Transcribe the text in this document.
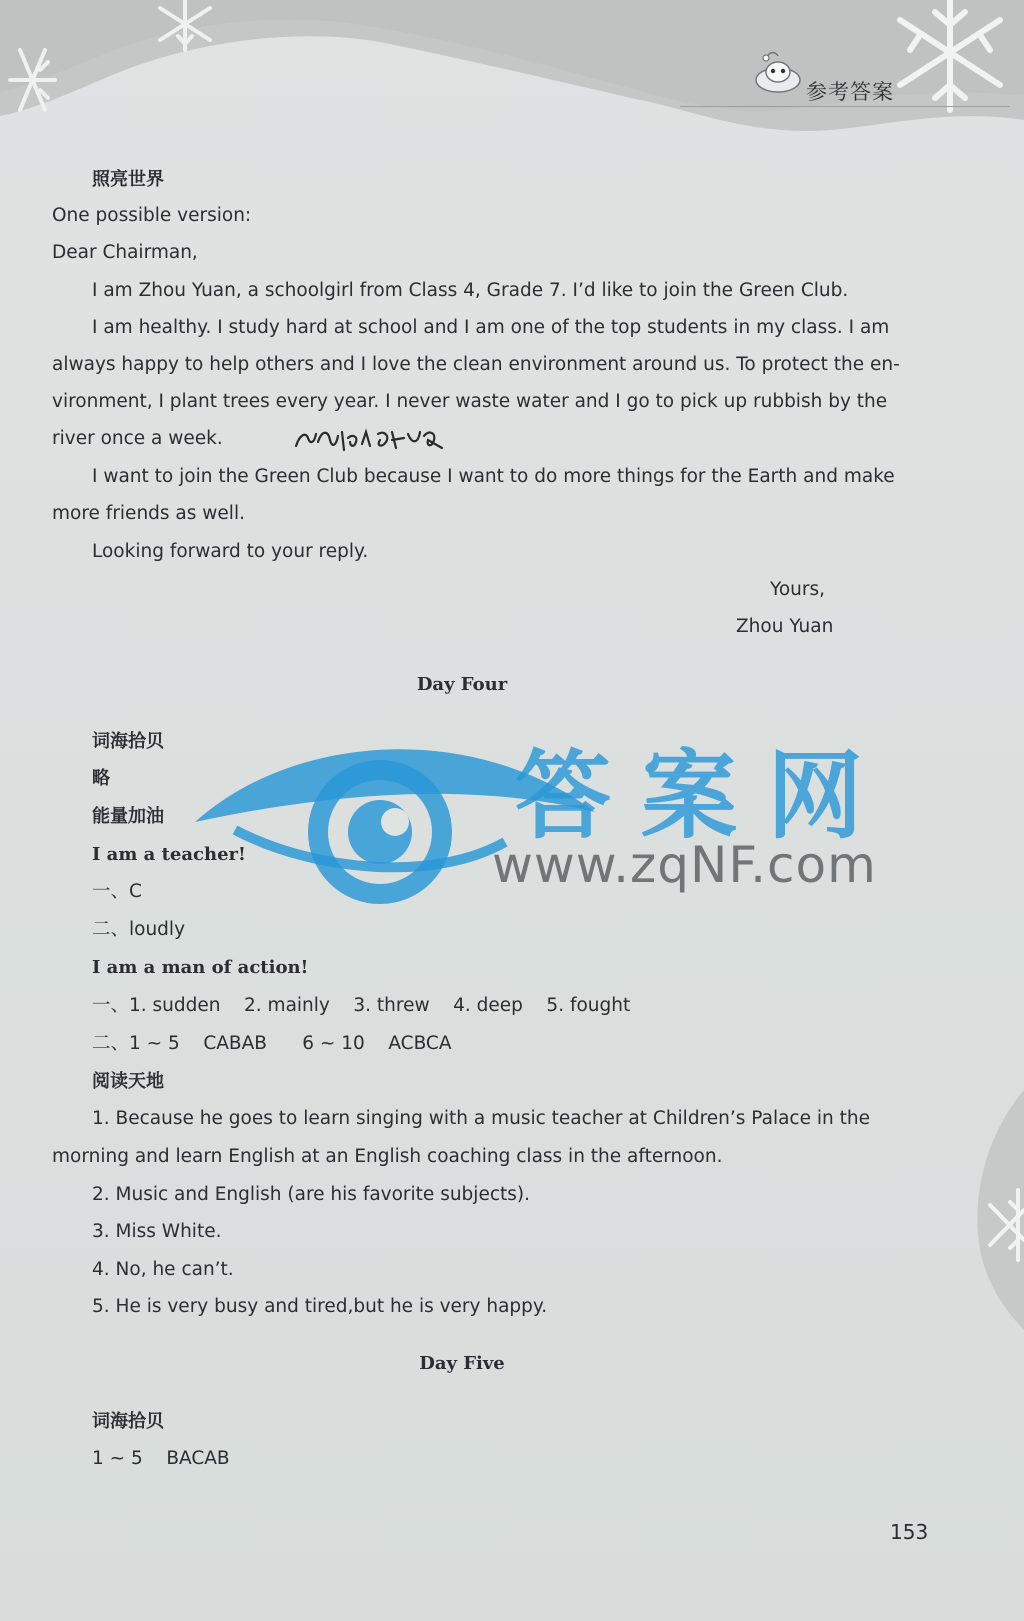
参考答案
照亮世界
One possible version:
Dear Chairman,
I am Zhou Yuan, a schoolgirl from Class 4, Grade 7. I’d like to join the Green Club.
I am healthy. I study hard at school and I am one of the top students in my class. I am
always happy to help others and I love the clean environment around us. To protect the en-
vironment, I plant trees every year. I never waste water and I go to pick up rubbish by the
river once a week.
I want to join the Green Club because I want to do more things for the Earth and make
more friends as well.
Looking forward to your reply.
Yours,
Zhou Yuan
Day Four
词海拾贝
略
能量加油
I am a teacher!
一、C
二、loudly
I am a man of action!
一、1. sudden    2. mainly    3. threw    4. deep    5. fought
二、1 ~ 5    CABAB      6 ~ 10    ACBCA
阅读天地
1. Because he goes to learn singing with a music teacher at Children’s Palace in the
morning and learn English at an English coaching class in the afternoon.
2. Music and English (are his favorite subjects).
3. Miss White.
4. No, he can’t.
5. He is very busy and tired,but he is very happy.
Day Five
词海拾贝
1 ~ 5    BACAB
答案网
www.zqNF.com
153
